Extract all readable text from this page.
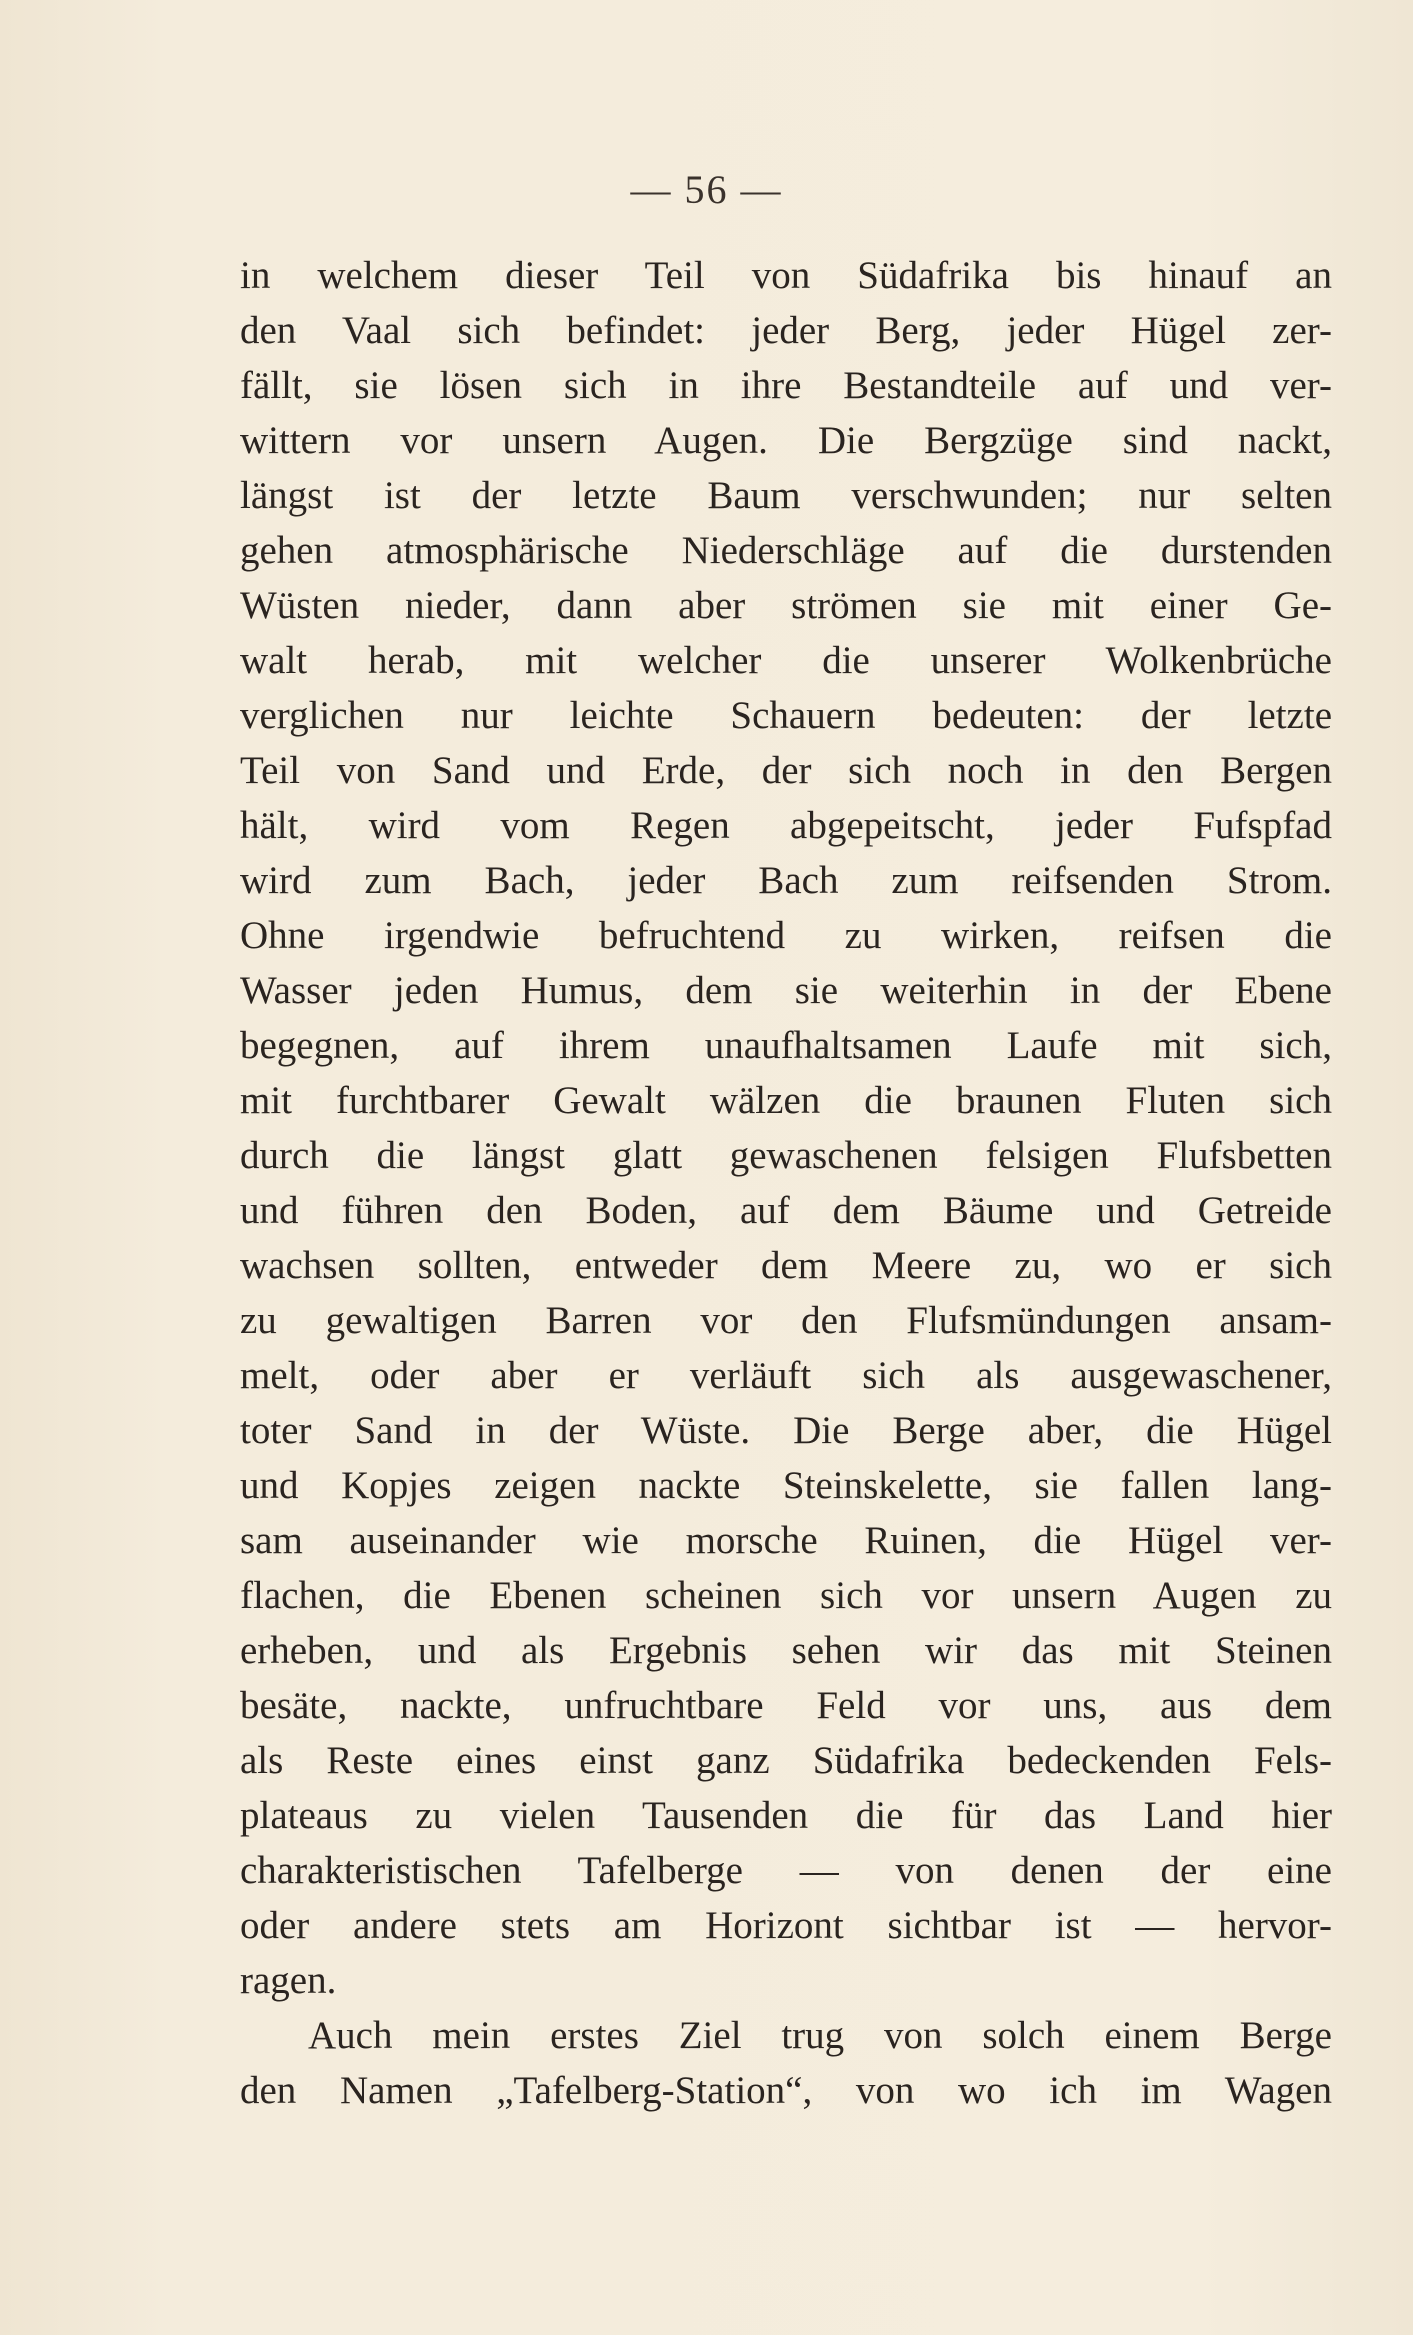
— 56 —
in welchem dieser Teil von Südafrika bis hinauf an
den Vaal sich befindet: jeder Berg, jeder Hügel zer-
fällt, sie lösen sich in ihre Bestandteile auf und ver-
wittern vor unsern Augen. Die Bergzüge sind nackt,
längst ist der letzte Baum verschwunden; nur selten
gehen atmosphärische Niederschläge auf die durstenden
Wüsten nieder, dann aber strömen sie mit einer Ge-
walt herab, mit welcher die unserer Wolkenbrüche
verglichen nur leichte Schauern bedeuten: der letzte
Teil von Sand und Erde, der sich noch in den Bergen
hält, wird vom Regen abgepeitscht, jeder Fufspfad
wird zum Bach, jeder Bach zum reifsenden Strom.
Ohne irgendwie befruchtend zu wirken, reifsen die
Wasser jeden Humus, dem sie weiterhin in der Ebene
begegnen, auf ihrem unaufhaltsamen Laufe mit sich,
mit furchtbarer Gewalt wälzen die braunen Fluten sich
durch die längst glatt gewaschenen felsigen Flufsbetten
und führen den Boden, auf dem Bäume und Getreide
wachsen sollten, entweder dem Meere zu, wo er sich
zu gewaltigen Barren vor den Flufsmündungen ansam-
melt, oder aber er verläuft sich als ausgewaschener,
toter Sand in der Wüste. Die Berge aber, die Hügel
und Kopjes zeigen nackte Steinskelette, sie fallen lang-
sam auseinander wie morsche Ruinen, die Hügel ver-
flachen, die Ebenen scheinen sich vor unsern Augen zu
erheben, und als Ergebnis sehen wir das mit Steinen
besäte, nackte, unfruchtbare Feld vor uns, aus dem
als Reste eines einst ganz Südafrika bedeckenden Fels-
plateaus zu vielen Tausenden die für das Land hier
charakteristischen Tafelberge — von denen der eine
oder andere stets am Horizont sichtbar ist — hervor-
ragen.
Auch mein erstes Ziel trug von solch einem Berge
den Namen „Tafelberg-Station“, von wo ich im Wagen
